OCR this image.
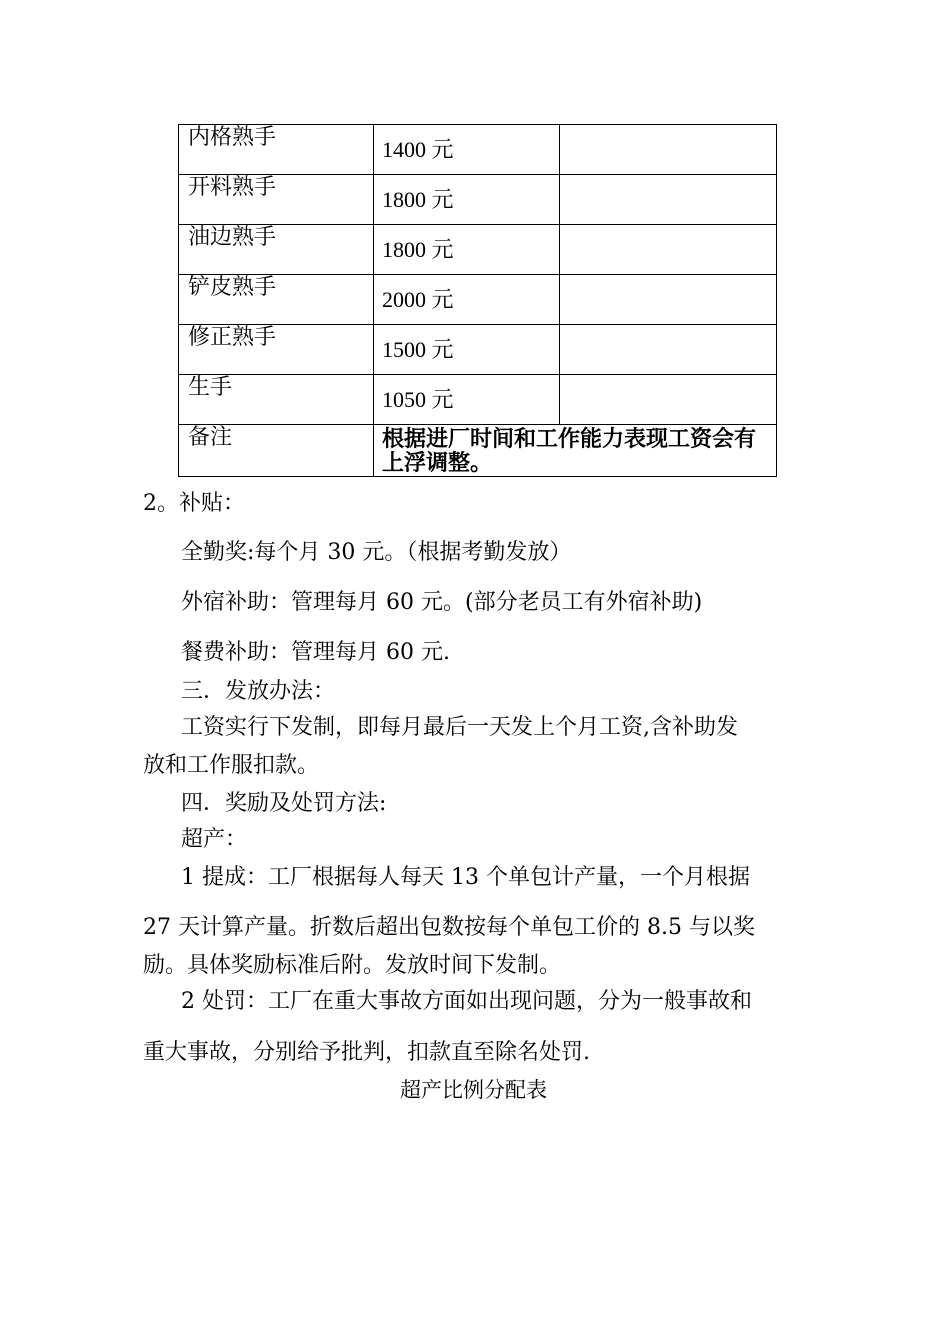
内格熟手	1400 元	

开料熟手	1800 元	

油边熟手	1800 元	

铲皮熟手	2000 元	

修正熟手	1500 元	

生手	1050 元	

备注	根据进厂时间和工作能力表现工资会有上浮调整。	
2。补贴：
全勤奖:每个月 30 元。（根据考勤发放）
外宿补助：管理每月 60 元。(部分老员工有外宿补助)
餐费补助：管理每月 60 元.
三．发放办法：
工资实行下发制，即每月最后一天发上个月工资,含补助发
放和工作服扣款。
四．奖励及处罚方法:
超产：
1 提成：工厂根据每人每天 13 个单包计产量，一个月根据
27 天计算产量。折数后超出包数按每个单包工价的 8.5 与以奖
励。具体奖励标准后附。发放时间下发制。
2 处罚：工厂在重大事故方面如出现问题，分为一般事故和
重大事故，分别给予批判，扣款直至除名处罚.
超产比例分配表
